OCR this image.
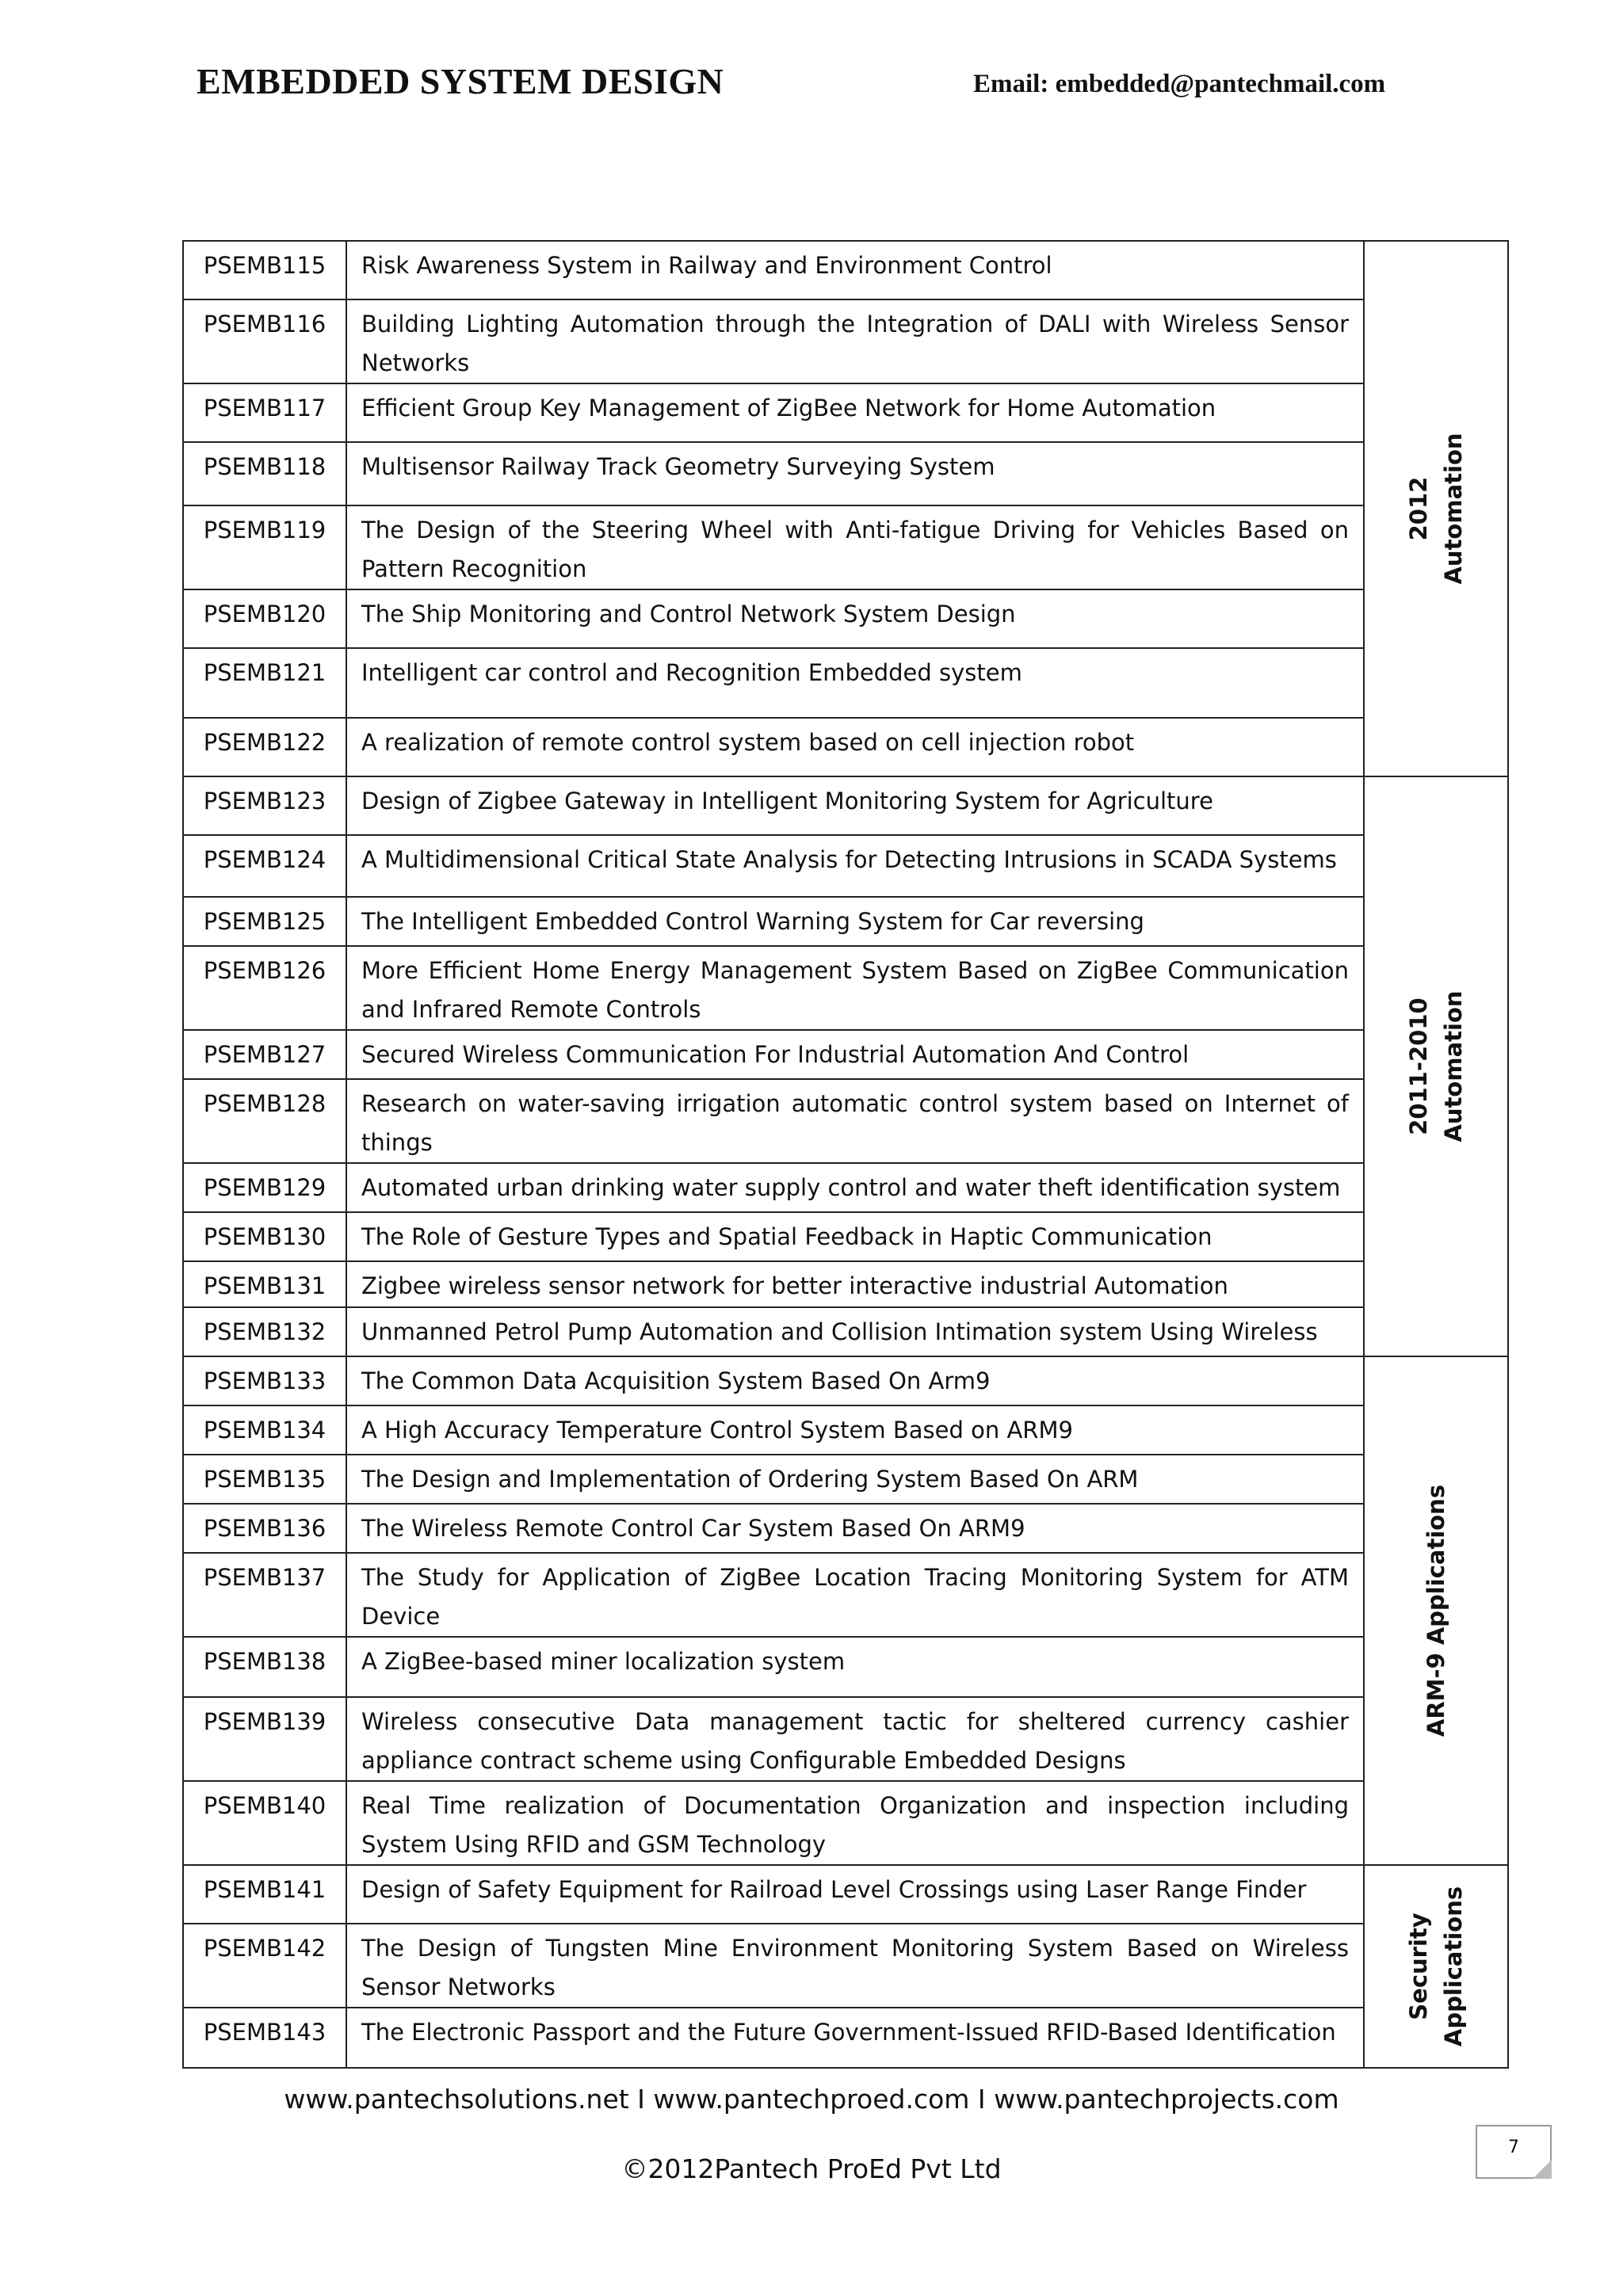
EMBEDDED SYSTEM DESIGN	Email: embedded@pantechmail.com
PSEMB115	Risk Awareness System in Railway and Environment Control	2012 Automation

PSEMB116	Building Lighting Automation through the Integration of DALI with Wireless Sensor Networks	
PSEMB117	Efficient Group Key Management of ZigBee Network for Home Automation	
PSEMB118	Multisensor Railway Track Geometry Surveying System	
PSEMB119	The Design of the Steering Wheel with Anti-fatigue Driving for Vehicles Based on Pattern Recognition	
PSEMB120	The Ship Monitoring and Control Network System Design	
PSEMB121	Intelligent car control and Recognition Embedded system	
PSEMB122	A realization of remote control system based on cell injection robot	
PSEMB123	Design of Zigbee Gateway in Intelligent Monitoring System for Agriculture	2011-2010 Automation

PSEMB124	A Multidimensional Critical State Analysis for Detecting Intrusions in SCADA Systems	
PSEMB125	The Intelligent Embedded Control Warning System for Car reversing	
PSEMB126	More Efficient Home Energy Management System Based on ZigBee Communication and Infrared Remote Controls	
PSEMB127	Secured Wireless Communication For Industrial Automation And Control	
PSEMB128	Research on water-saving irrigation automatic control system based on Internet of things	
PSEMB129	Automated urban drinking water supply control and water theft identification system	
PSEMB130	The Role of Gesture Types and Spatial Feedback in Haptic Communication	
PSEMB131	Zigbee wireless sensor network for better interactive industrial Automation	
PSEMB132	Unmanned Petrol Pump Automation and Collision Intimation system Using Wireless	
PSEMB133	The Common Data Acquisition System Based On Arm9	ARM-9 Applications

PSEMB134	A High Accuracy Temperature Control System Based on ARM9	
PSEMB135	The Design and Implementation of Ordering System Based On ARM	
PSEMB136	The Wireless Remote Control Car System Based On ARM9	
PSEMB137	The Study for Application of ZigBee Location Tracing Monitoring System for ATM Device	
PSEMB138	A ZigBee-based miner localization system	
PSEMB139	Wireless consecutive Data management tactic for sheltered currency cashier appliance contract scheme using Configurable Embedded Designs	
PSEMB140	Real Time realization of Documentation Organization and inspection including System Using RFID and GSM Technology	
PSEMB141	Design of Safety Equipment for Railroad Level Crossings using Laser Range Finder	Security Applications

PSEMB142	The Design of Tungsten Mine Environment Monitoring System Based on Wireless Sensor Networks	
PSEMB143	The Electronic Passport and the Future Government-Issued RFID-Based Identification	
www.pantechsolutions.net I www.pantechproed.com I www.pantechprojects.com
©2012Pantech ProEd Pvt Ltd
7
